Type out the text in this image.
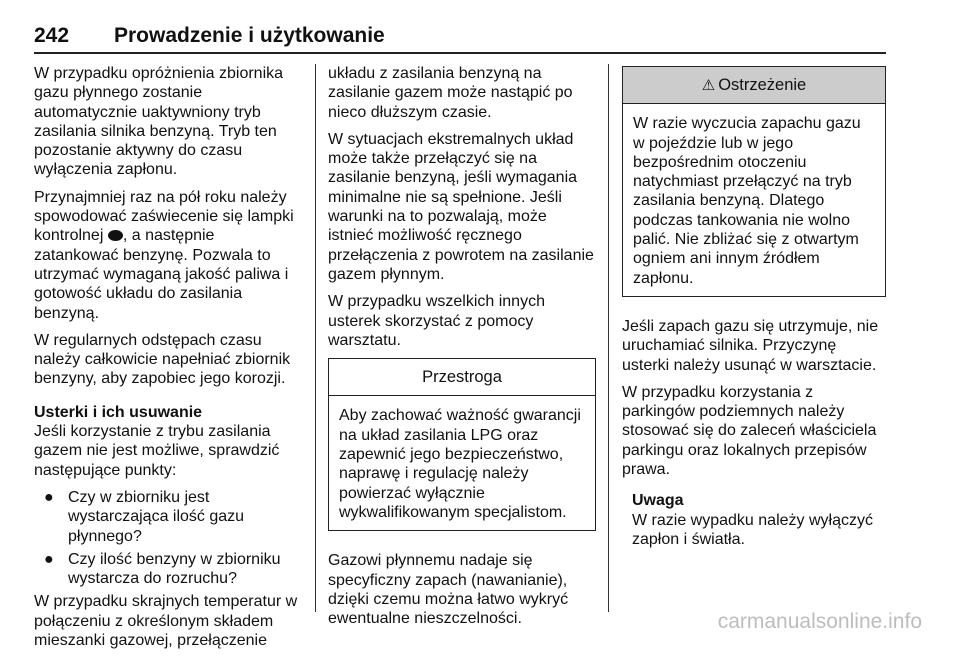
242 Prowadzenie i użytkowanie

W przypadku opróżnienia zbiornika gazu płynnego zostanie automatycznie uaktywniony tryb zasilania silnika benzyną. Tryb ten pozostanie aktywny do czasu wyłączenia zapłonu.

Przynajmniej raz na pół roku należy spowodować zaświecenie się lampki kontrolnej , a następnie zatankować benzynę. Pozwala to utrzymać wymaganą jakość paliwa i gotowość układu do zasilania benzyną.

W regularnych odstępach czasu należy całkowicie napełniać zbiornik benzyny, aby zapobiec jego korozji.

Usterki i ich usuwanie

Jeśli korzystanie z trybu zasilania gazem nie jest możliwe, sprawdzić następujące punkty:

● Czy w zbiorniku jest wystarczająca ilość gazu płynnego?
● Czy ilość benzyny w zbiorniku wystarcza do rozruchu?

W przypadku skrajnych temperatur w połączeniu z określonym składem mieszanki gazowej, przełączenie

układu z zasilania benzyną na zasilanie gazem może nastąpić po nieco dłuższym czasie.

W sytuacjach ekstremalnych układ może także przełączyć się na zasilanie benzyną, jeśli wymagania minimalne nie są spełnione. Jeśli warunki na to pozwalają, może istnieć możliwość ręcznego przełączenia z powrotem na zasilanie gazem płynnym.

W przypadku wszelkich innych usterek skorzystać z pomocy warsztatu.

Przestroga
Aby zachować ważność gwarancji na układ zasilania LPG oraz zapewnić jego bezpieczeństwo, naprawę i regulację należy powierzać wyłącznie wykwalifikowanym specjalistom.

Gazowi płynnemu nadaje się specyficzny zapach (nawanianie), dzięki czemu można łatwo wykryć ewentualne nieszczelności.

⚠ Ostrzeżenie
W razie wyczucia zapachu gazu w pojeździe lub w jego bezpośrednim otoczeniu natychmiast przełączyć na tryb zasilania benzyną. Dlatego podczas tankowania nie wolno palić. Nie zbliżać się z otwartym ogniem ani innym źródłem zapłonu.

Jeśli zapach gazu się utrzymuje, nie uruchamiać silnika. Przyczynę usterki należy usunąć w warsztacie.

W przypadku korzystania z parkingów podziemnych należy stosować się do zaleceń właściciela parkingu oraz lokalnych przepisów prawa.

Uwaga
W razie wypadku należy wyłączyć zapłon i światła.
carmanualsonline.info
